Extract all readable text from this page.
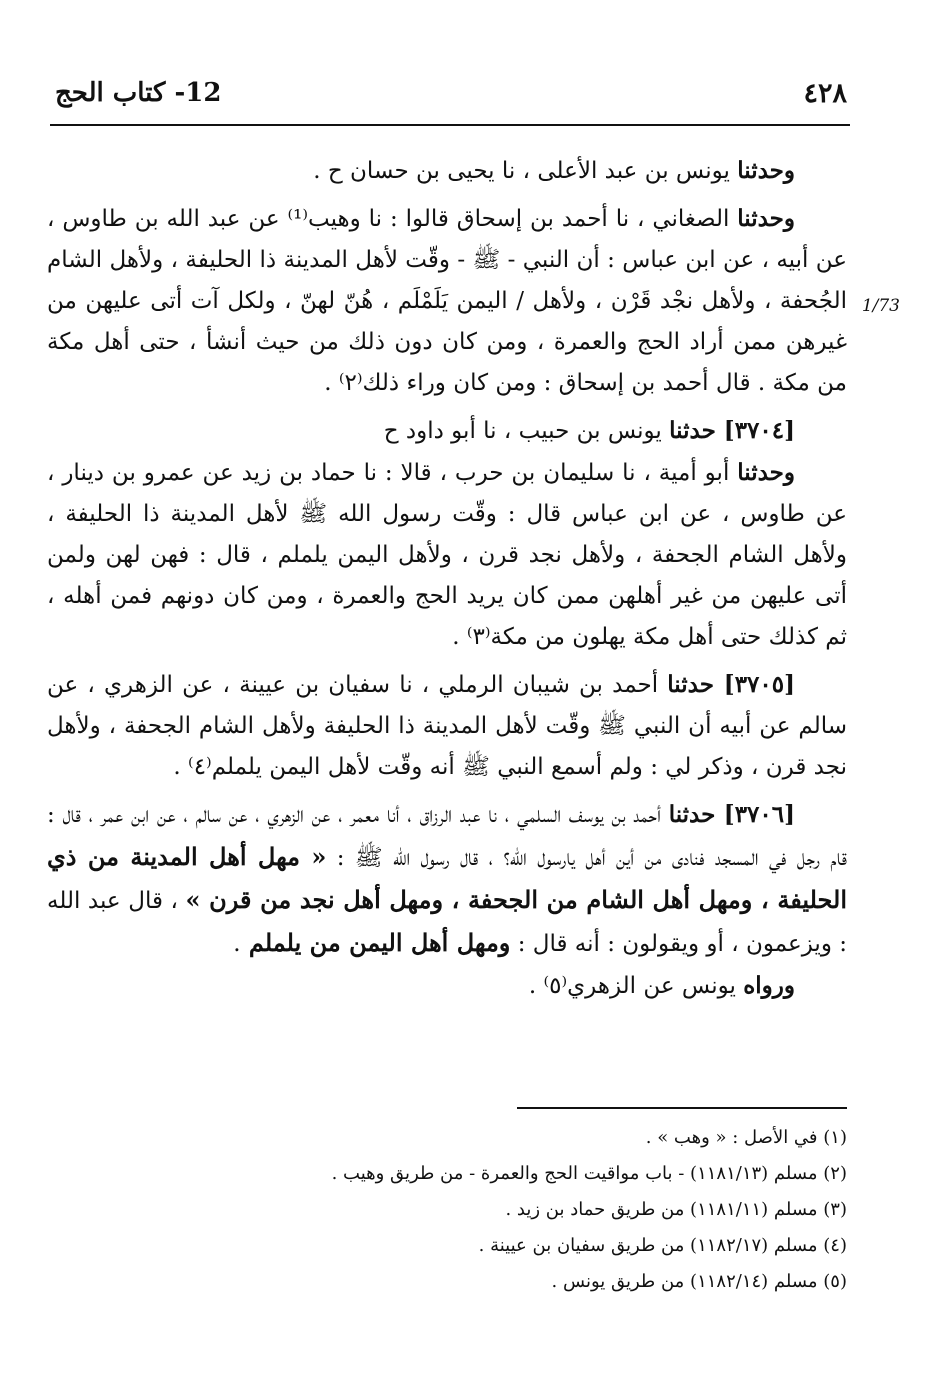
٤٢٨
12- كتاب الحج
1/73

وحدثنا يونس بن عبد الأعلى ، نا يحيى بن حسان ح .

وحدثنا الصغاني ، نا أحمد بن إسحاق قالوا : نا وهيب⁽¹⁾ عن عبد الله بن طاوس ، عن أبيه ، عن ابن عباس : أن النبي - ﷺ - وقّت لأهل المدينة ذا الحليفة ، ولأهل الشام الجُحفة ، ولأهل نجْد قَرْن ، ولأهل / اليمن يَلَمْلَم ، هُنّ لهنّ ، ولكل آت أتى عليهن من غيرهن ممن أراد الحج والعمرة ، ومن كان دون ذلك من حيث أنشأ ، حتى أهل مكة من مكة . قال أحمد بن إسحاق : ومن كان وراء ذلك⁽٢⁾ .

[٣٧٠٤] حدثنا يونس بن حبيب ، نا أبو داود ح

وحدثنا أبو أمية ، نا سليمان بن حرب ، قالا : نا حماد بن زيد عن عمرو بن دينار ، عن طاوس ، عن ابن عباس قال : وقّت رسول الله ﷺ لأهل المدينة ذا الحليفة ، ولأهل الشام الجحفة ، ولأهل نجد قرن ، ولأهل اليمن يلملم ، قال : فهن لهن ولمن أتى عليهن من غير أهلهن ممن كان يريد الحج والعمرة ، ومن كان دونهم فمن أهله ، ثم كذلك حتى أهل مكة يهلون من مكة⁽٣⁾ .

[٣٧٠٥] حدثنا أحمد بن شيبان الرملي ، نا سفيان بن عيينة ، عن الزهري ، عن سالم عن أبيه أن النبي ﷺ وقّت لأهل المدينة ذا الحليفة ولأهل الشام الجحفة ، ولأهل نجد قرن ، وذكر لي : ولم أسمع النبي ﷺ أنه وقّت لأهل اليمن يلملم⁽٤⁾ .

[٣٧٠٦] حدثنا أحمد بن يوسف السلمي ، نا عبد الرزاق ، أنا معمر ، عن الزهري ، عن سالم ، عن ابن عمر ، قال : قام رجل في المسجد فنادى من أين أهل يارسول الله؟ ، قال رسول الله ﷺ : « مهل أهل المدينة من ذي الحليفة ، ومهل أهل الشام من الجحفة ، ومهل أهل نجد من قرن » ، قال عبد الله : ويزعمون ، أو ويقولون : أنه قال : ومهل أهل اليمن من يلملم .

ورواه يونس عن الزهري⁽٥⁾ .

(١) في الأصل : « وهب » .

(٢) مسلم (١١٨١/١٣) - باب مواقيت الحج والعمرة - من طريق وهيب .

(٣) مسلم (١١٨١/١١) من طريق حماد بن زيد .

(٤) مسلم (١١٨٢/١٧) من طريق سفيان بن عيينة .

(٥) مسلم (١١٨٢/١٤) من طريق يونس .
